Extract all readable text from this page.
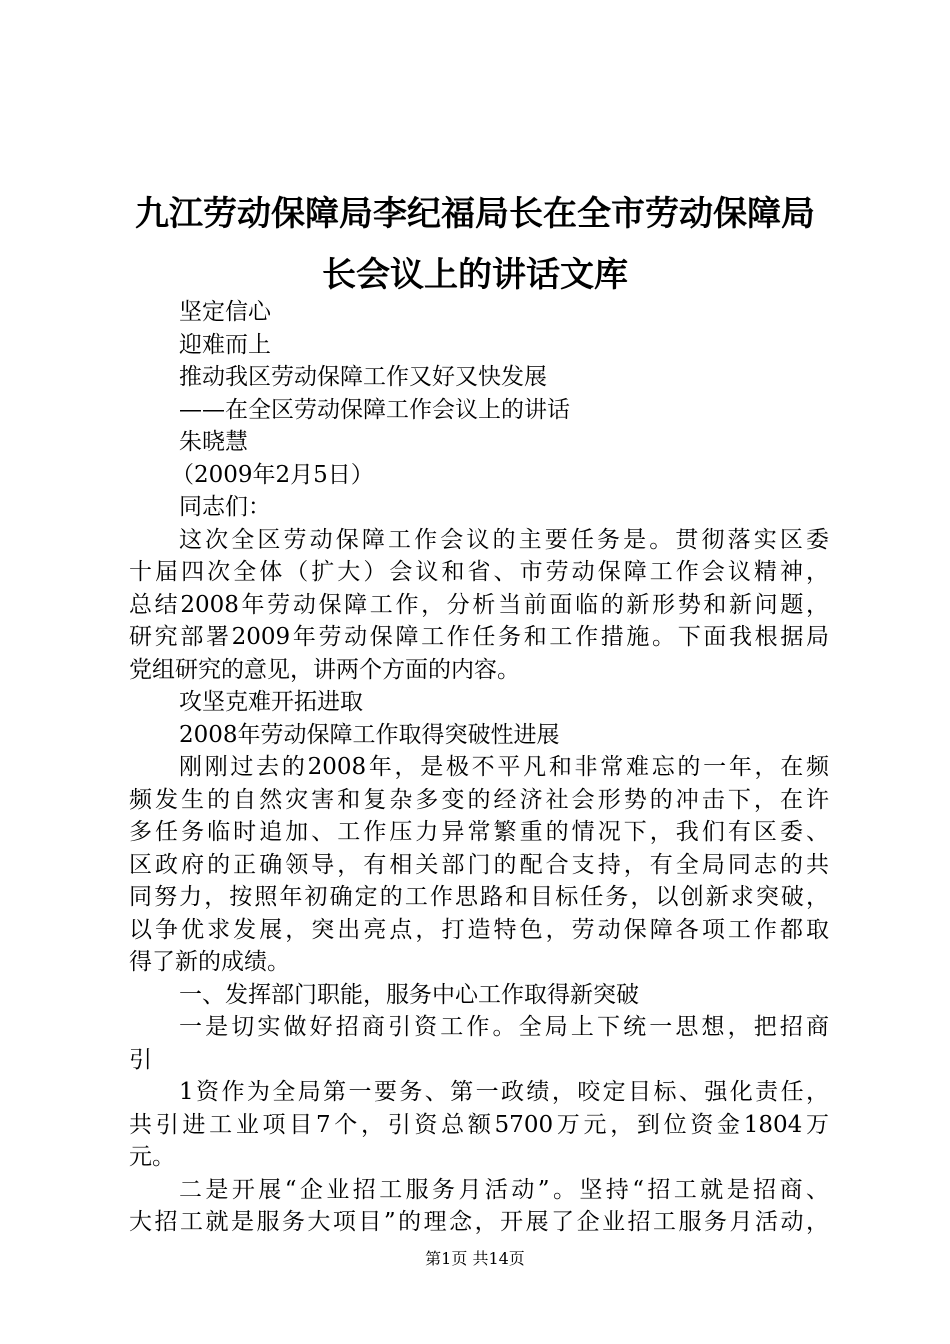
九江劳动保障局李纪福局长在全市劳动保障局
长会议上的讲话文库
坚定信心
迎难而上
推动我区劳动保障工作又好又快发展
——在全区劳动保障工作会议上的讲话
朱晓慧
（2009年2月5日）
同志们：
这次全区劳动保障工作会议的主要任务是。贯彻落实区委
十届四次全体（扩大）会议和省、市劳动保障工作会议精神，
总结2008年劳动保障工作，分析当前面临的新形势和新问题，
研究部署2009年劳动保障工作任务和工作措施。下面我根据局
党组研究的意见，讲两个方面的内容。
攻坚克难开拓进取
2008年劳动保障工作取得突破性进展
刚刚过去的2008年，是极不平凡和非常难忘的一年，在频
频发生的自然灾害和复杂多变的经济社会形势的冲击下，在许
多任务临时追加、工作压力异常繁重的情况下，我们有区委、
区政府的正确领导，有相关部门的配合支持，有全局同志的共
同努力，按照年初确定的工作思路和目标任务，以创新求突破，
以争优求发展，突出亮点，打造特色，劳动保障各项工作都取
得了新的成绩。
一、发挥部门职能，服务中心工作取得新突破
一是切实做好招商引资工作。全局上下统一思想，把招商
引
1资作为全局第一要务、第一政绩，咬定目标、强化责任，
共引进工业项目7个，引资总额5700万元，到位资金1804万
元。
二是开展“企业招工服务月活动”。坚持“招工就是招商、
大招工就是服务大项目”的理念，开展了企业招工服务月活动，
第1页 共14页
